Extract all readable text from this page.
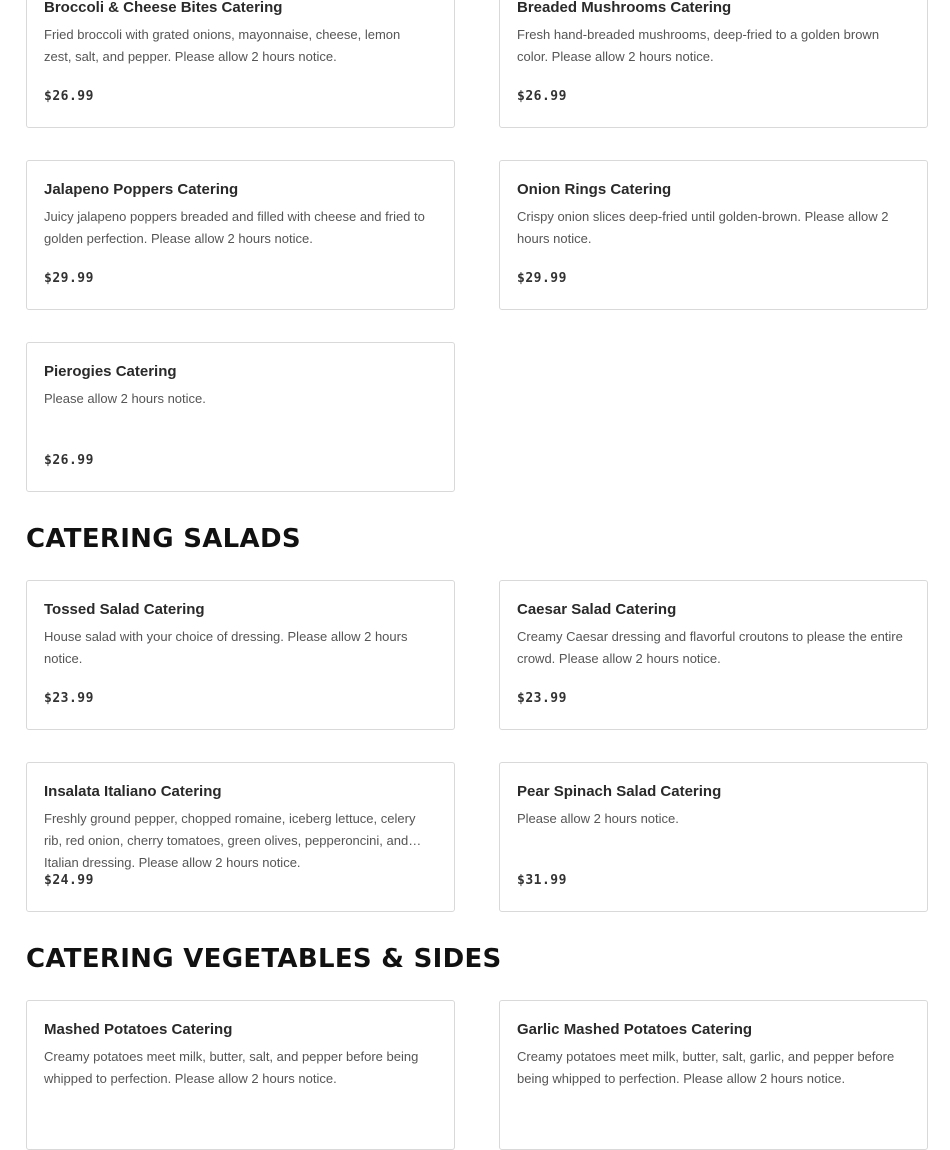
Broccoli & Cheese Bites Catering
Fried broccoli with grated onions, mayonnaise, cheese, lemon zest, salt, and pepper. Please allow 2 hours notice.
$26.99
Breaded Mushrooms Catering
Fresh hand-breaded mushrooms, deep-fried to a golden brown color. Please allow 2 hours notice.
$26.99
Jalapeno Poppers Catering
Juicy jalapeno poppers breaded and filled with cheese and fried to golden perfection. Please allow 2 hours notice.
$29.99
Onion Rings Catering
Crispy onion slices deep-fried until golden-brown. Please allow 2 hours notice.
$29.99
Pierogies Catering
Please allow 2 hours notice.
$26.99
CATERING SALADS
Tossed Salad Catering
House salad with your choice of dressing. Please allow 2 hours notice.
$23.99
Caesar Salad Catering
Creamy Caesar dressing and flavorful croutons to please the entire crowd. Please allow 2 hours notice.
$23.99
Insalata Italiano Catering
Freshly ground pepper, chopped romaine, iceberg lettuce, celery rib, red onion, cherry tomatoes, green olives, pepperoncini, and Italian dressing. Please allow 2 hours notice.
$24.99
Pear Spinach Salad Catering
Please allow 2 hours notice.
$31.99
CATERING VEGETABLES & SIDES
Mashed Potatoes Catering
Creamy potatoes meet milk, butter, salt, and pepper before being whipped to perfection. Please allow 2 hours notice.
Garlic Mashed Potatoes Catering
Creamy potatoes meet milk, butter, salt, garlic, and pepper before being whipped to perfection. Please allow 2 hours notice.
